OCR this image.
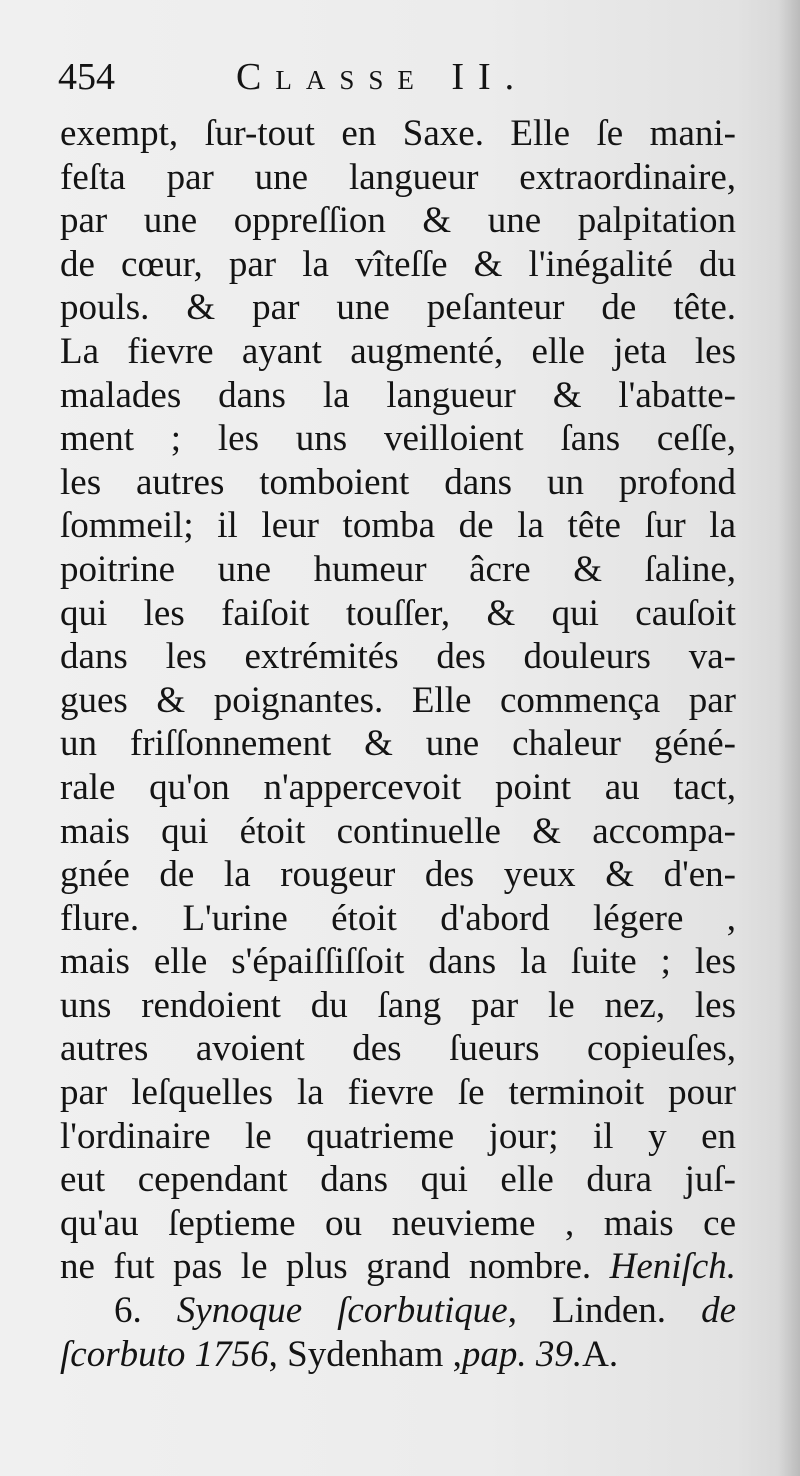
454	Classe II.
exempt, ſur-tout en Saxe. Elle ſe mani-
feſta par une langueur extraordinaire,
par une oppreſſion & une palpitation
de cœur, par la vîteſſe & l'inégalité du
pouls. & par une peſanteur de tête.
La fievre ayant augmenté, elle jeta les
malades dans la langueur & l'abatte-
ment ; les uns veilloient ſans ceſſe,
les autres tomboient dans un profond
ſommeil; il leur tomba de la tête ſur la
poitrine une humeur âcre & ſaline,
qui les faiſoit touſſer, & qui cauſoit
dans les extrémités des douleurs va-
gues & poignantes. Elle commença par
un friſſonnement & une chaleur géné-
rale qu'on n'appercevoit point au tact,
mais qui étoit continuelle & accompa-
gnée de la rougeur des yeux & d'en-
flure. L'urine étoit d'abord légere ,
mais elle s'épaiſſiſſoit dans la ſuite ; les
uns rendoient du ſang par le nez, les
autres avoient des ſueurs copieuſes,
par leſquelles la fievre ſe terminoit pour
l'ordinaire le quatrieme jour; il y en
eut cependant dans qui elle dura juſ-
qu'au ſeptieme ou neuvieme , mais ce
ne fut pas le plus grand nombre. Heniſch.
6. Synoque ſcorbutique, Linden. de
ſcorbuto 1756, Sydenham ,pap. 39.A.
